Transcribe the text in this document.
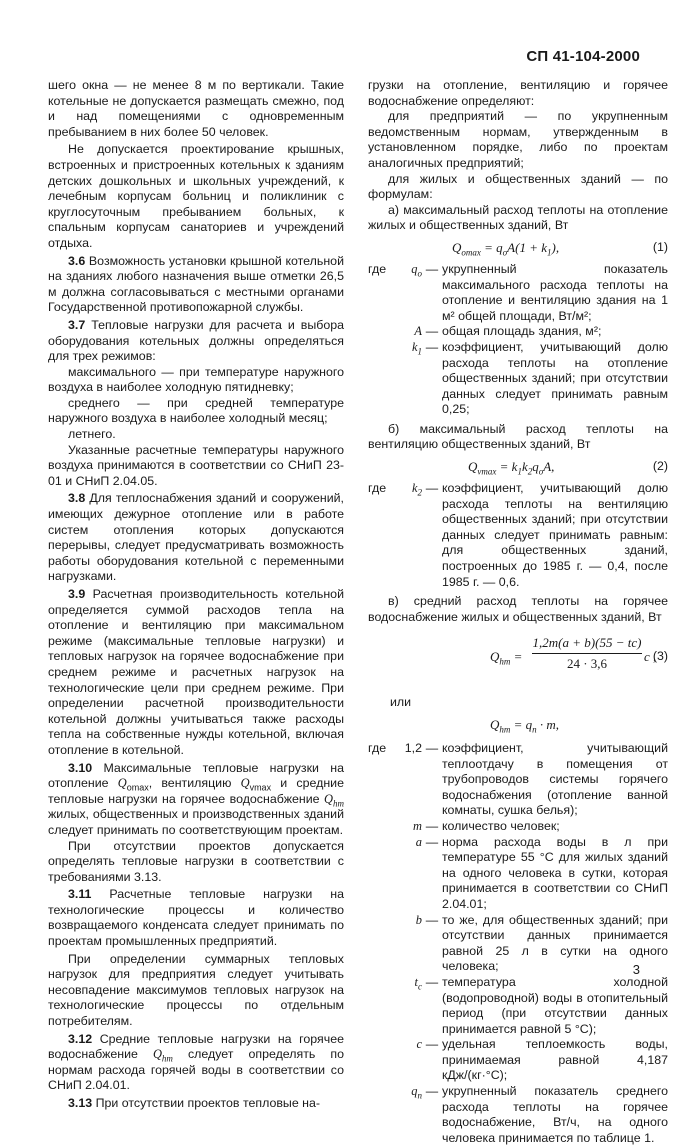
СП 41-104-2000

шего окна — не менее 8 м по вертикали. Такие котельные не допускается размещать смежно, под и над помещениями с одновременным пребыванием в них более 50 человек.

Не допускается проектирование крышных, встроенных и пристроенных котельных к зданиям детских дошкольных и школьных учреждений, к лечебным корпусам больниц и поликлиник с круглосуточным пребыванием больных, к спальным корпусам санаториев и учреждений отдыха.

3.6 Возможность установки крышной котельной на зданиях любого назначения выше отметки 26,5 м должна согласовываться с местными органами Государственной противопожарной службы.

3.7 Тепловые нагрузки для расчета и выбора оборудования котельных должны определяться для трех режимов:

максимального — при температуре наружного воздуха в наиболее холодную пятидневку;

среднего — при средней температуре наружного воздуха в наиболее холодный месяц;

летнего.

Указанные расчетные температуры наружного воздуха принимаются в соответствии со СНиП 23-01 и СНиП 2.04.05.

3.8 Для теплоснабжения зданий и сооружений, имеющих дежурное отопление или в работе систем отопления которых допускаются перерывы, следует предусматривать возможность работы оборудования котельной с переменными нагрузками.

3.9 Расчетная производительность котельной определяется суммой расходов тепла на отопление и вентиляцию при максимальном режиме (максимальные тепловые нагрузки) и тепловых нагрузок на горячее водоснабжение при среднем режиме и расчетных нагрузок на технологические цели при среднем режиме. При определении расчетной производительности котельной должны учитываться также расходы тепла на собственные нужды котельной, включая отопление в котельной.

3.10 Максимальные тепловые нагрузки на отопление $Q_{omax}$, вентиляцию $Q_{vmax}$ и средние тепловые нагрузки на горячее водоснабжение $Q_{hm}$ жилых, общественных и производственных зданий следует принимать по соответствующим проектам.

При отсутствии проектов допускается определять тепловые нагрузки в соответствии с требованиями 3.13.

3.11 Расчетные тепловые нагрузки на технологические процессы и количество возвращаемого конденсата следует принимать по проектам промышленных предприятий.

При определении суммарных тепловых нагрузок для предприятия следует учитывать несовпадение максимумов тепловых нагрузок на технологические процессы по отдельным потребителям.

3.12 Средние тепловые нагрузки на горячее водоснабжение $Q_{hm}$ следует определять по нормам расхода горячей воды в соответствии со СНиП 2.04.01.

3.13 При отсутствии проектов тепловые на-

грузки на отопление, вентиляцию и горячее водоснабжение определяют:

для предприятий — по укрупненным ведомственным нормам, утвержденным в установленном порядке, либо по проектам аналогичных предприятий;

для жилых и общественных зданий — по формулам:

а) максимальный расход теплоты на отопление жилых и общественных зданий, Вт

$Q_{omax} = q_oA(1 + k_1)$,	(1)
где	$q_o$ — укрупненный показатель максимального расхода теплоты на отопление и вентиляцию здания на 1 м² общей площади, Вт/м²;
A — общая площадь здания, м²;
$k_1$ — коэффициент, учитывающий долю расхода теплоты на отопление общественных зданий; при отсутствии данных следует принимать равным 0,25;

б) максимальный расход теплоты на вентиляцию общественных зданий, Вт

$Q_{vmax} = k_1k_2q_oA$,	(2)
где	$k_2$ — коэффициент, учитывающий долю расхода теплоты на вентиляцию общественных зданий; при отсутствии данных следует принимать равным: для общественных зданий, построенных до 1985 г. — 0,4, после 1985 г. — 0,6.

в) средний расход теплоты на горячее водоснабжение жилых и общественных зданий, Вт

$Q_{hm} = \frac{1,2m(a + b)(55 - tc)}{24 \cdot 3,6}$ c ,
(3)

или

$Q_{hm} = q_n \cdot m$,
где	1,2 — коэффициент, учитывающий теплоотдачу в помещения от трубопроводов системы горячего водоснабжения (отопление ванной комнаты, сушка белья);
m — количество человек;
a — норма расхода воды в л при температуре 55 °С для жилых зданий на одного человека в сутки, которая принимается в соответствии со СНиП 2.04.01;
b — то же, для общественных зданий; при отсутствии данных принимается равной 25 л в сутки на одного человека;
$t_c$ — температура холодной (водопроводной) воды в отопительный период (при отсутствии данных принимается равной 5 °С);
c — удельная теплоемкость воды, принимаемая равной 4,187 кДж/(кг·°С);
$q_n$ — укрупненный показатель среднего расхода теплоты на горячее водоснабжение, Вт/ч, на одного человека принимается по таблице 1.
3
